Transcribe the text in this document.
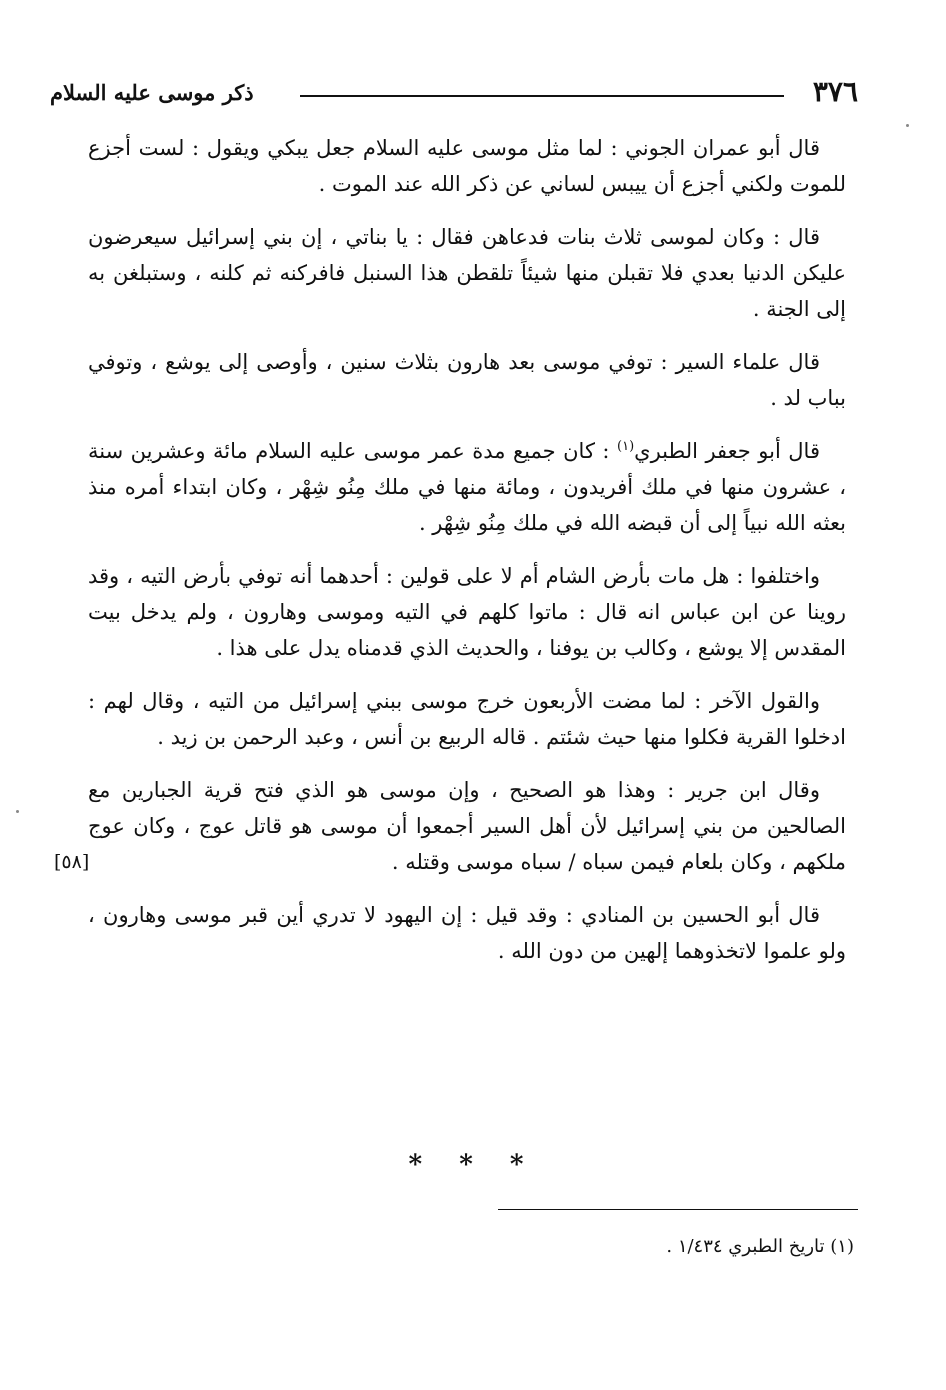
٣٧٦
ذكر موسى عليه السلام

قال أبو عمران الجوني : لما مثل موسى عليه السلام جعل يبكي ويقول : لست أجزع للموت ولكني أجزع أن ييبس لساني عن ذكر الله عند الموت .

قال : وكان لموسى ثلاث بنات فدعاهن فقال : يا بناتي ، إن بني إسرائيل سيعرضون عليكن الدنيا بعدي فلا تقبلن منها شيئاً تلقطن هذا السنبل فافركنه ثم كلنه ، وستبلغن به إلى الجنة .

قال علماء السير : توفي موسى بعد هارون بثلاث سنين ، وأوصى إلى يوشع ، وتوفي بباب لد .

قال أبو جعفر الطبري$^{(١)}$ : كان جميع مدة عمر موسى عليه السلام مائة وعشرين سنة ، عشرون منها في ملك أفريدون ، ومائة منها في ملك مِنُو شِهْر ، وكان ابتداء أمره منذ بعثه الله نبياً إلى أن قبضه الله في ملك مِنُو شِهْر .

واختلفوا : هل مات بأرض الشام أم لا على قولين : أحدهما أنه توفي بأرض التيه ، وقد روينا عن ابن عباس انه قال : ماتوا كلهم في التيه وموسى وهارون ، ولم يدخل بيت المقدس إلا يوشع ، وكالب بن يوفنا ، والحديث الذي قدمناه يدل على هذا .

والقول الآخر : لما مضت الأربعون خرج موسى ببني إسرائيل من التيه ، وقال لهم : ادخلوا القرية فكلوا منها حيث شئتم . قاله الربيع بن أنس ، وعبد الرحمن بن زيد .

وقال ابن جرير : وهذا هو الصحيح ، وإن موسى هو الذي فتح قرية الجبارين مع الصالحين من بني إسرائيل لأن أهل السير أجمعوا أن موسى هو قاتل عوج ، وكان عوج ملكهم ، وكان بلعام فيمن سباه / سباه موسى وقتله .
[٥٨]

قال أبو الحسين بن المنادي : وقد قيل : إن اليهود لا تدري أين قبر موسى وهارون ، ولو علموا لاتخذوهما إلهين من دون الله .

* * *
(١) تاريخ الطبري ١/٤٣٤ .
